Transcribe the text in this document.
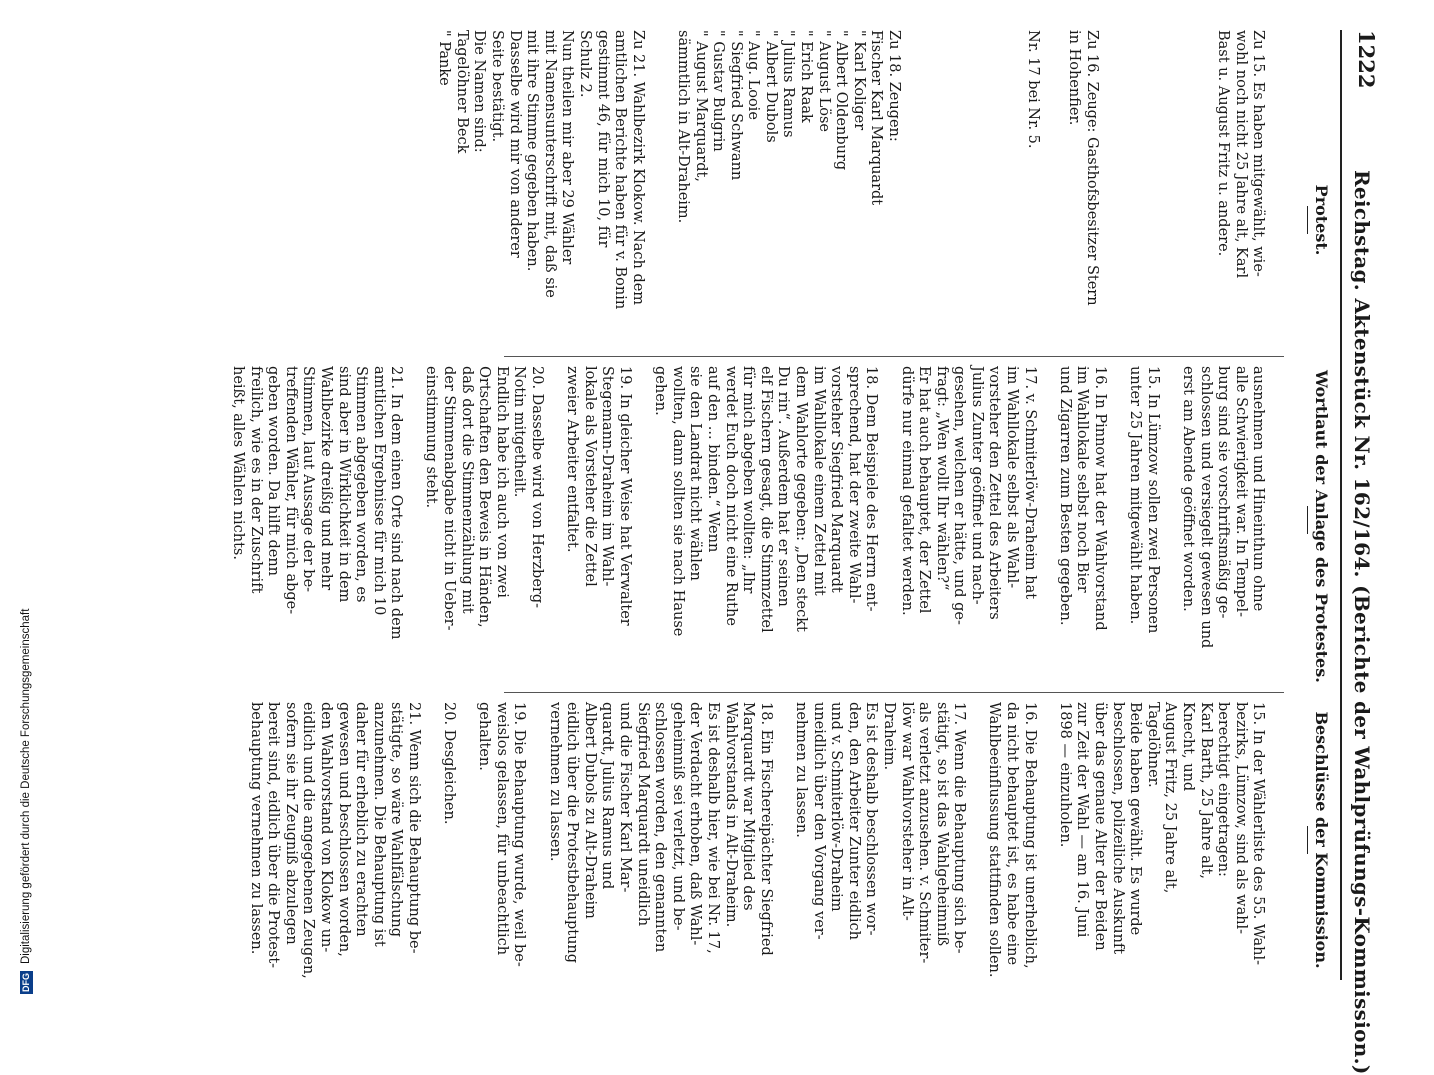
1222
Reichstag. Aktenstück Nr. 162/164. (Berichte der Wahlprüfungs-Kommission.)
Protest.
Wortlaut der Anlage des Protestes.
Beschlüsse der Kommission.

Zu 15. Es haben mitgewählt, wie-
wohl noch nicht 25 Jahre alt, Karl
Bast u. August Fritz u. andere.

Zu 16. Zeuge: Gasthofsbesitzer Stern
in Hohenfier.

Nr. 17 bei Nr. 5.

Zu 18. Zeugen:
Fischer Karl Marquardt
" Karl Koliger
" Albert Oldenburg
" August Löse
" Erich Raak
" Julius Ramus
" Albert Dubols
" Aug. Looie
" Siegfried Schwann
" Gustav Bulgrin
" August Marquardt,
sämmtlich in Alt-Draheim.

Zu 21. Wahlbezirk Klokow. Nach dem
amtlichen Berichte haben für v. Bonin
gestimmt 46, für mich 10, für
Schulz 2.
Nun theilen mir aber 29 Wähler
mit Namensunterschrift mit, daß sie
mit ihre Stimme gegeben haben.
Dasselbe wird mir von anderer
Seite bestätigt.
Die Namen sind:
Tagelöhner Beck
" Panke

ausnehmen und Hineinthun ohne
alle Schwierigkeit war. In Tempel-
burg sind sie vorschriftsmäßig ge-
schlossen und versiegelt gewesen und
erst am Abende geöffnet worden.

15. In Lümzow sollen zwei Personen
unter 25 Jahren mitgewählt haben.

16. In Pinnow hat der Wahlvorstand
im Wahllokale selbst noch Bier
und Zigarren zum Besten gegeben.

17. v. Schmiterlöw-Draheim hat
im Wahllokale selbst als Wahl-
vorsteher den Zettel des Arbeiters
Julius Zunter geöffnet und nach-
gesehen, welchen er hätte, und ge-
fragt: „Wen wollt Ihr wählen?“
Er hat auch behauptet, der Zettel
dürfe nur einmal gefaltet werden.

18. Dem Beispiele des Herrn ent-
sprechend, hat der zweite Wahl-
vorsteher Siegfried Marquardt
im Wahllokale einem Zettel mit
dem Wahlorte gegeben: „Den steckt
Du rin“. Außerdem hat er seinen
elf Fischern gesagt, die Stimmzettel
für mich abgeben wollten: „Ihr
werdet Euch doch nicht eine Ruthe
auf den ... binden.“ Wenn
sie den Landrat nicht wählen
wollten, dann sollten sie nach Hause
gehen.

19. In gleicher Weise hat Verwalter
Stegemann-Draheim im Wahl-
lokale als Vorsteher die Zettel
zweier Arbeiter entfaltet.

20. Dasselbe wird von Herzberg-
Notin mitgetheilt.
Endlich habe ich auch von zwei
Ortschaften den Beweis in Händen,
daß dort die Stimmenzählung mit
der Stimmenabgabe nicht in Ueber-
einstimmung steht.

21. In dem einen Orte sind nach dem
amtlichen Ergebnisse für mich 10
Stimmen abgegeben worden, es
sind aber in Wirklichkeit in dem
Wahlbezirke dreißig und mehr
Stimmen, laut Aussage der be-
treffenden Wähler, für mich abge-
geben worden. Da hilft denn
freilich, wie es in der Zuschrift
heißt, alles Wählen nichts.

15. In der Wählerliste des 55. Wahl-
bezirks, Lümzow, sind als wahl-
berechtigt eingetragen:
Karl Barth, 25 Jahre alt,
Knecht, und
August Fritz, 25 Jahre alt,
Tagelöhner.
Beide haben gewählt. Es wurde
beschlossen, polizeiliche Auskunft
über das genaue Alter der Beiden
zur Zeit der Wahl — am 16. Juni
1898 — einzuholen.

16. Die Behauptung ist unerheblich,
da nicht behauptet ist, es habe eine
Wahlbeeinflussung stattfinden sollen.

17. Wenn die Behauptung sich be-
stätigt, so ist das Wahlgeheimniß
als verletzt anzusehen. v. Schmiter-
löw war Wahlvorsteher in Alt-
Draheim.
Es ist deshalb beschlossen wor-
den, den Arbeiter Zunter eidlich
und v. Schmiterlöw-Draheim
uneidlich über den Vorgang ver-
nehmen zu lassen.

18. Ein Fischereipächter Siegfried
Marquardt war Mitglied des
Wahlvorstands in Alt-Draheim.
Es ist deshalb hier, wie bei Nr. 17,
der Verdacht erhoben, daß Wahl-
geheimniß sei verletzt, und be-
schlossen worden, den genannten
Siegfried Marquardt uneidlich
und die Fischer Karl Mar-
quardt, Julius Ramus und
Albert Dubols zu Alt-Draheim
eidlich über die Protestbehauptung
vernehmen zu lassen.

19. Die Behauptung wurde, weil be-
weislos gelassen, für unbeachtlich
gehalten.

20. Desgleichen.

21. Wenn sich die Behauptung be-
stätigte, so wäre Wahlfälschung
anzunehmen. Die Behauptung ist
daher für erheblich zu erachten
gewesen und beschlossen worden,
den Wahlvorstand von Klokow un-
eidlich und die angegebenen Zeugen,
sofern sie ihr Zeugniß abzulegen
bereit sind, eidlich über die Protest-
behauptung vernehmen zu lassen.

DFG
Digitalisierung gefördert durch die Deutsche Forschungsgemeinschaft
